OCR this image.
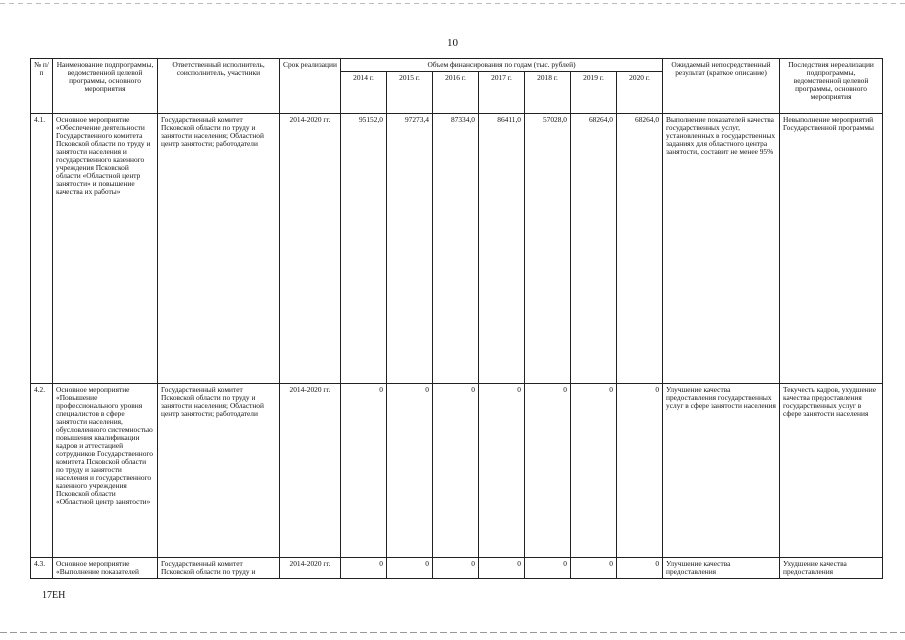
10
№ п/п	Наименование подпрограммы, ведомственной целевой программы, основного мероприятия	Ответственный исполнитель, соисполнитель, участники	Срок реализации	Объем финансирования по годам (тыс. рублей)							Ожидаемый непосредственный результат (краткое описание)	Последствия нереализации подпрограммы, ведомственной целевой программы, основного мероприятия
				2014 г.	2015 г.	2016 г.	2017 г.	2018 г.	2019 г.	2020 г.		
4.1.	Основное мероприятие «Обеспечение деятельности Государственного комитета Псковской области по труду и занятости населения и государственного казенного учреждения Псковской области «Областной центр занятости» и повышение качества их работы»	Государственный комитет Псковской области по труду и занятости населения; Областной центр занятости; работодатели	2014-2020 гг.	95152,0	97273,4	87334,0	86411,0	57028,0	68264,0	68264,0	Выполнение показателей качества государственных услуг, установленных в государственных заданиях для областного центра занятости, составит не менее 95%	Невыполнение мероприятий Государственной программы
4.2.	Основное мероприятие «Повышение профессионального уровня специалистов в сфере занятости населения, обусловленного системностью повышения квалификации кадров и аттестацией сотрудников Государственного комитета Псковской области по труду и занятости населения и государственного казенного учреждения Псковской области «Областной центр занятости»	Государственный комитет Псковской области по труду и занятости населения; Областной центр занятости; работодатели	2014-2020 гг.	0	0	0	0	0	0	0	Улучшение качества предоставления государственных услуг в сфере занятости населения	Текучесть кадров, ухудшение качества предоставления государственных услуг в сфере занятости населения
4.3.	Основное мероприятие «Выполнение показателей	Государственный комитет Псковской области по труду и	2014-2020 гг.	0	0	0	0	0	0	0	Улучшение качества предоставления	Ухудшение качества предоставления
17ЕН
